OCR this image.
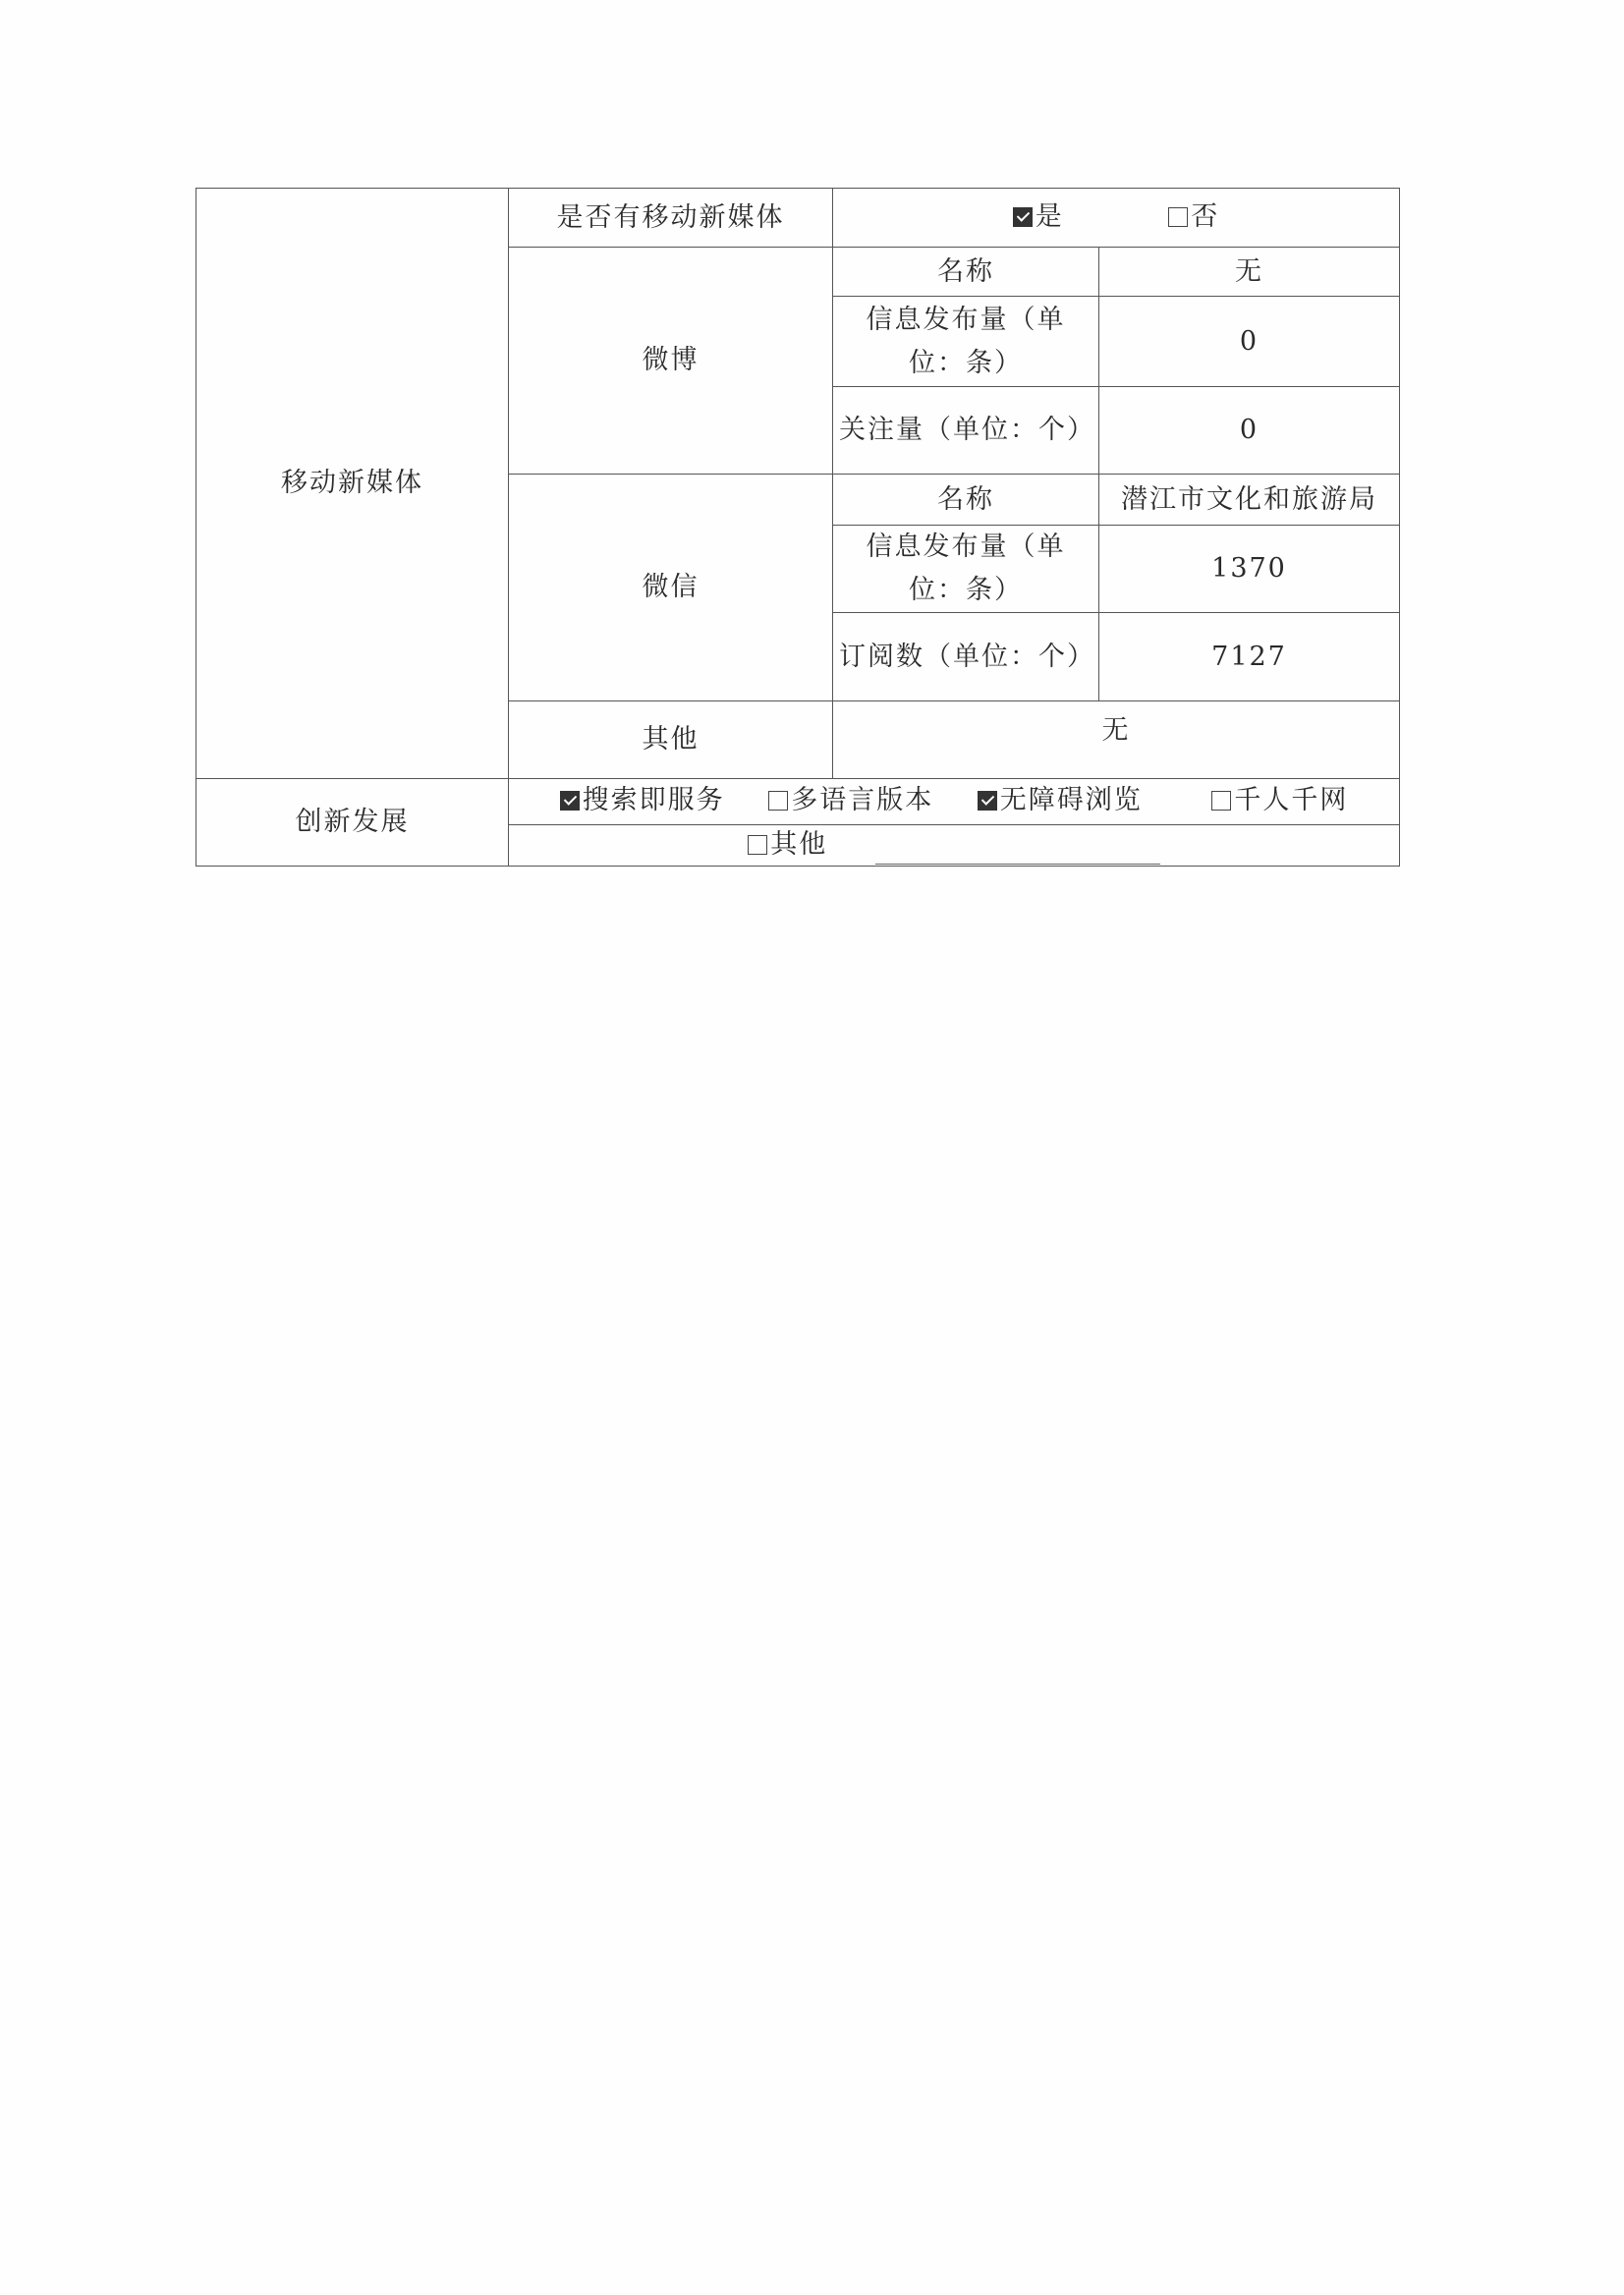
移动新媒体	是否有移动新媒体	是
否	

	微博	名称	无
		信息发布量（单位：条）	0
		关注量（单位：个）	0
	微信	名称	潜江市文化和旅游局
		信息发布量（单位：条）	1370
		订阅数（单位：个）	7127
	其他	无	
创新发展	搜索即服务
多语言版本
无障碍浏览
千人千网		

	其他		
